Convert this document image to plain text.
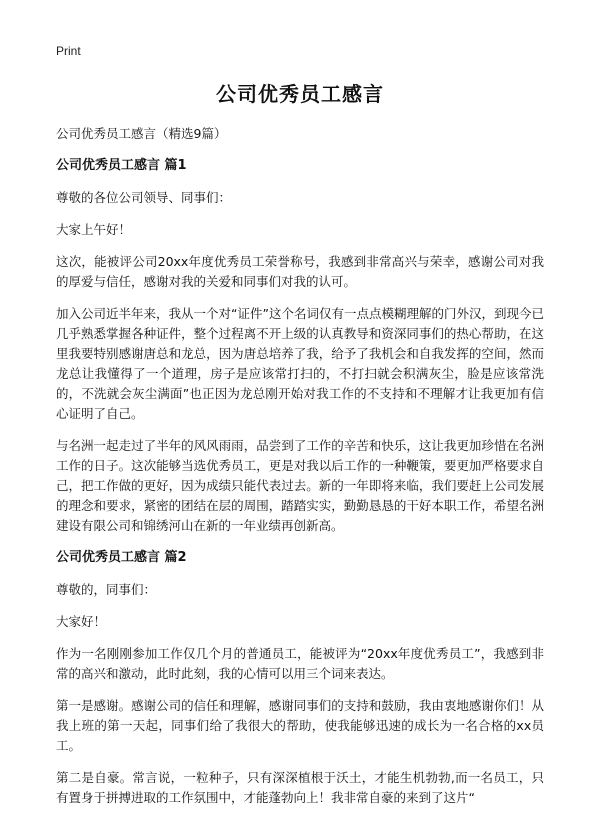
Print
公司优秀员工感言

公司优秀员工感言（精选9篇）

公司优秀员工感言 篇1

尊敬的各位公司领导、同事们：

大家上午好！

这次，能被评公司20xx年度优秀员工荣誉称号，我感到非常高兴与荣幸，感谢公司对我的厚爱与信任，感谢对我的关爱和同事们对我的认可。

加入公司近半年来，我从一个对“证件”这个名词仅有一点点模糊理解的门外汉，到现今已几乎熟悉掌握各种证件，整个过程离不开上级的认真教导和资深同事们的热心帮助，在这里我要特别感谢唐总和龙总，因为唐总培养了我，给予了我机会和自我发挥的空间，然而龙总让我懂得了一个道理，房子是应该常打扫的，不打扫就会积满灰尘，脸是应该常洗的，不洗就会灰尘满面”也正因为龙总刚开始对我工作的不支持和不理解才让我更加有信心证明了自己。

与名洲一起走过了半年的风风雨雨，品尝到了工作的辛苦和快乐，这让我更加珍惜在名洲工作的日子。这次能够当选优秀员工，更是对我以后工作的一种鞭策，要更加严格要求自己，把工作做的更好，因为成绩只能代表过去。新的一年即将来临，我们要赶上公司发展的理念和要求，紧密的团结在层的周围，踏踏实实，勤勤恳恳的干好本职工作，希望名洲建设有限公司和锦绣河山在新的一年业绩再创新高。

公司优秀员工感言 篇2

尊敬的，同事们：

大家好！

作为一名刚刚参加工作仅几个月的普通员工，能被评为“20xx年度优秀员工”，我感到非常的高兴和激动，此时此刻，我的心情可以用三个词来表达。

第一是感谢。感谢公司的信任和理解，感谢同事们的支持和鼓励，我由衷地感谢你们！从我上班的第一天起，同事们给了我很大的帮助，使我能够迅速的成长为一名合格的xx员工。

第二是自豪。常言说，一粒种子，只有深深植根于沃土，才能生机勃勃,而一名员工，只有置身于拼搏进取的工作氛围中，才能蓬勃向上！我非常自豪的来到了这片“
